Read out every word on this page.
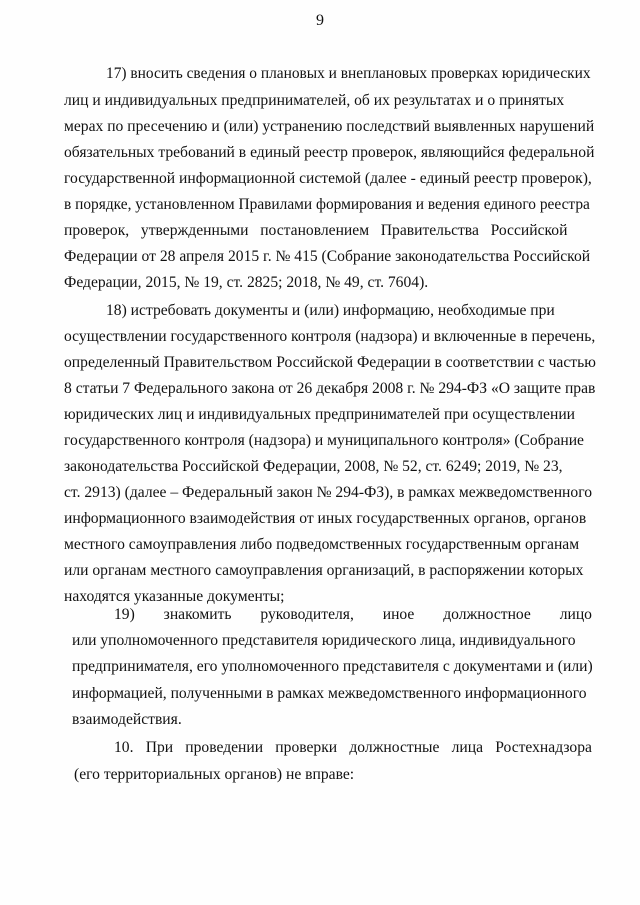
9
17) вносить сведения о плановых и внеплановых проверках юридических
лиц и индивидуальных предпринимателей, об их результатах и о принятых
мерах по пресечению и (или) устранению последствий выявленных нарушений
обязательных требований в единый реестр проверок, являющийся федеральной
государственной информационной системой (далее - единый реестр проверок),
в порядке, установленном Правилами формирования и ведения единого реестра
проверок,   утвержденными   постановлением   Правительства   Российской
Федерации от 28 апреля 2015 г. № 415 (Собрание законодательства Российской
Федерации, 2015, № 19, ст. 2825; 2018, № 49, ст. 7604).
18) истребовать документы и (или) информацию, необходимые при
осуществлении государственного контроля (надзора) и включенные в перечень,
определенный Правительством Российской Федерации в соответствии с частью
8 статьи 7 Федерального закона от 26 декабря 2008 г. № 294-ФЗ «О защите прав
юридических лиц и индивидуальных предпринимателей при осуществлении
государственного контроля (надзора) и муниципального контроля» (Собрание
законодательства Российской Федерации, 2008, № 52, ст. 6249; 2019, № 23,
ст. 2913) (далее – Федеральный закон № 294-ФЗ), в рамках межведомственного
информационного взаимодействия от иных государственных органов, органов
местного самоуправления либо подведомственных государственным органам
или органам местного самоуправления организаций, в распоряжении которых
находятся указанные документы;
19) знакомить руководителя, иное должностное лицо
или уполномоченного представителя юридического лица, индивидуального
предпринимателя, его уполномоченного представителя с документами и (или)
информацией, полученными в рамках межведомственного информационного
взаимодействия.
10. При проведении проверки должностные лица Ростехнадзора
(его территориальных органов) не вправе:
